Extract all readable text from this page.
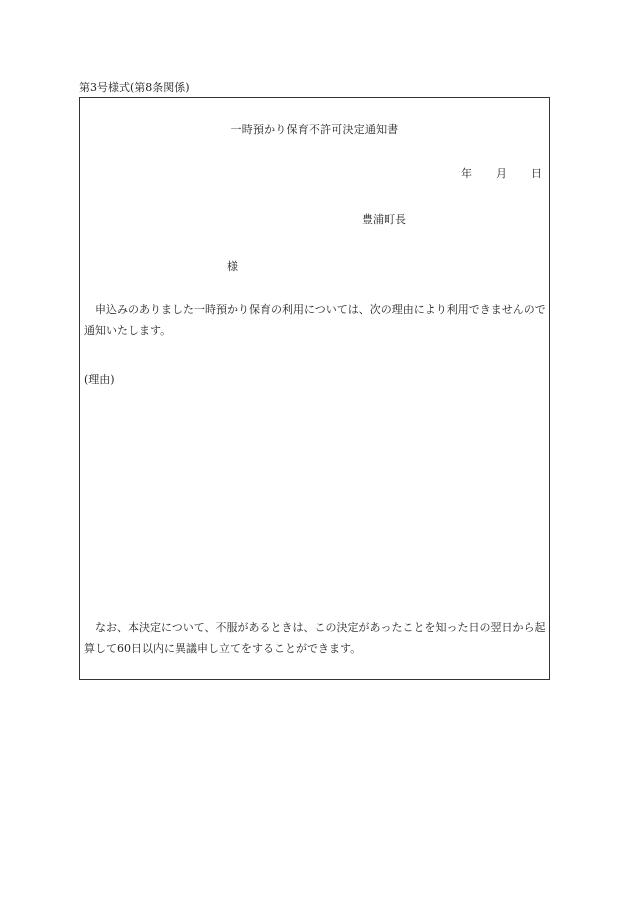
第3号様式(第8条関係)
一時預かり保育不許可決定通知書
年 月 日
豊浦町長
様
申込みのありました一時預かり保育の利用については、次の理由により利用できませんので通知いたします。
(理由)
なお、本決定について、不服があるときは、この決定があったことを知った日の翌日から起算して60日以内に異議申し立てをすることができます。
